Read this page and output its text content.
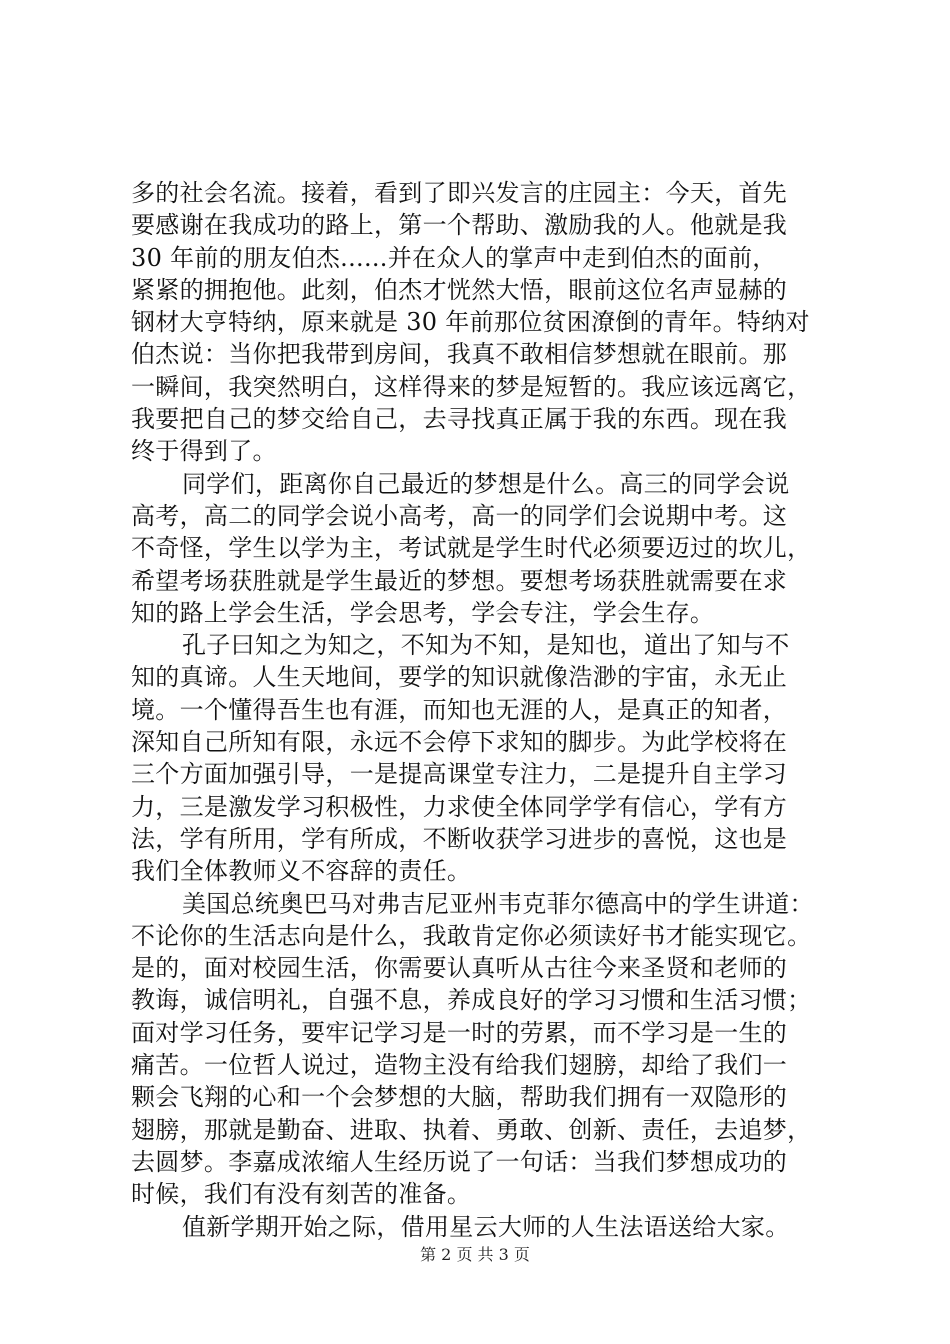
多的社会名流。接着，看到了即兴发言的庄园主：今天，首先
要感谢在我成功的路上，第一个帮助、激励我的人。他就是我
30 年前的朋友伯杰......并在众人的掌声中走到伯杰的面前，
紧紧的拥抱他。此刻，伯杰才恍然大悟，眼前这位名声显赫的
钢材大亨特纳，原来就是 30 年前那位贫困潦倒的青年。特纳对
伯杰说：当你把我带到房间，我真不敢相信梦想就在眼前。那
一瞬间，我突然明白，这样得来的梦是短暂的。我应该远离它，
我要把自己的梦交给自己，去寻找真正属于我的东西。现在我
终于得到了。
同学们，距离你自己最近的梦想是什么。高三的同学会说
高考，高二的同学会说小高考，高一的同学们会说期中考。这
不奇怪，学生以学为主，考试就是学生时代必须要迈过的坎儿，
希望考场获胜就是学生最近的梦想。要想考场获胜就需要在求
知的路上学会生活，学会思考，学会专注，学会生存。
孔子曰知之为知之，不知为不知，是知也，道出了知与不
知的真谛。人生天地间，要学的知识就像浩渺的宇宙，永无止
境。一个懂得吾生也有涯，而知也无涯的人，是真正的知者，
深知自己所知有限，永远不会停下求知的脚步。为此学校将在
三个方面加强引导，一是提高课堂专注力，二是提升自主学习
力，三是激发学习积极性，力求使全体同学学有信心，学有方
法，学有所用，学有所成，不断收获学习进步的喜悦，这也是
我们全体教师义不容辞的责任。
美国总统奥巴马对弗吉尼亚州韦克菲尔德高中的学生讲道：
不论你的生活志向是什么，我敢肯定你必须读好书才能实现它。
是的，面对校园生活，你需要认真听从古往今来圣贤和老师的
教诲，诚信明礼，自强不息，养成良好的学习习惯和生活习惯；
面对学习任务，要牢记学习是一时的劳累，而不学习是一生的
痛苦。一位哲人说过，造物主没有给我们翅膀，却给了我们一
颗会飞翔的心和一个会梦想的大脑，帮助我们拥有一双隐形的
翅膀，那就是勤奋、进取、执着、勇敢、创新、责任，去追梦，
去圆梦。李嘉成浓缩人生经历说了一句话：当我们梦想成功的
时候，我们有没有刻苦的准备。
值新学期开始之际，借用星云大师的人生法语送给大家。
第 2 页 共 3 页
